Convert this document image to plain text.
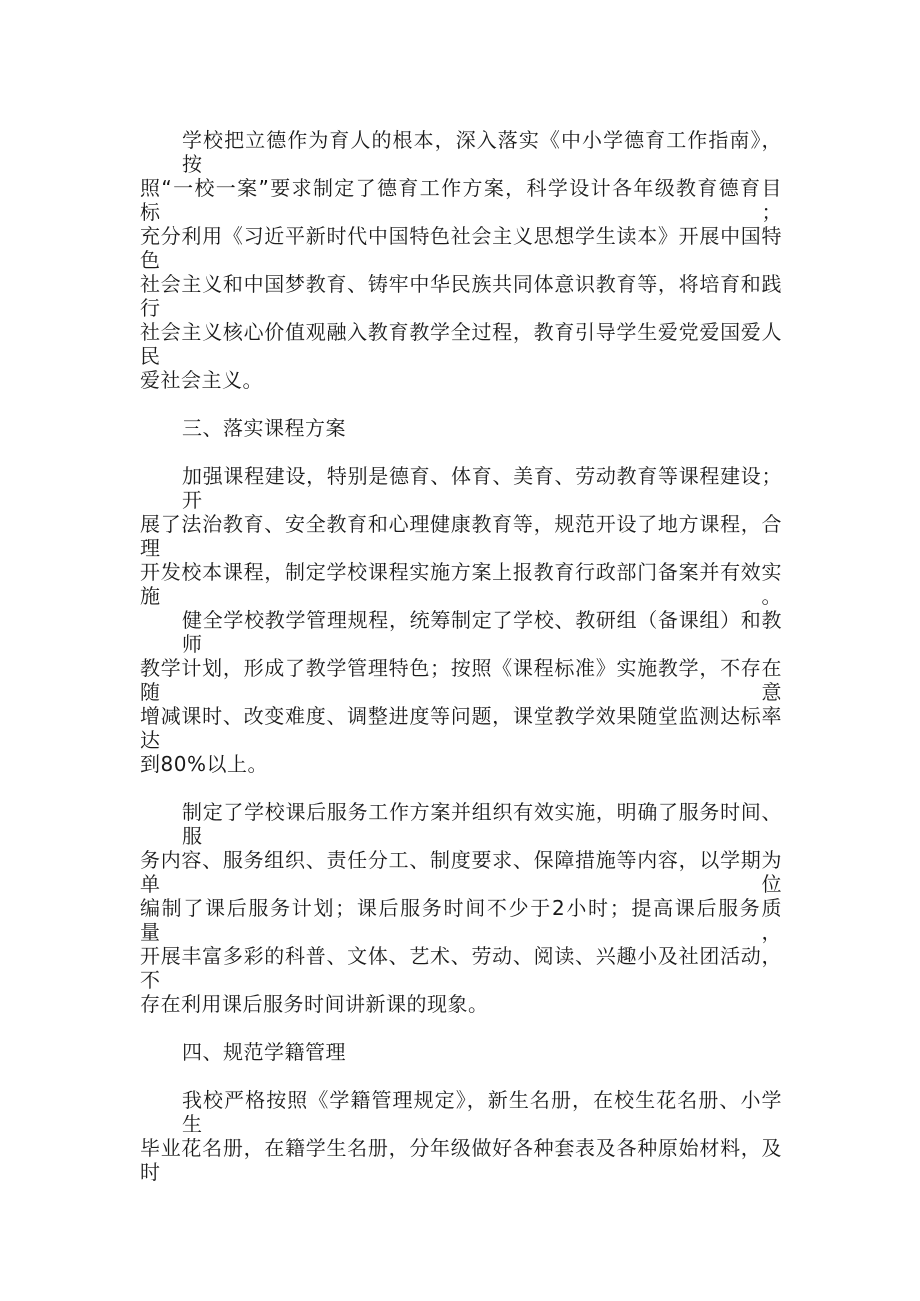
学校把立德作为育人的根本，深入落实《中小学德育工作指南》，按
照“一校一案”要求制定了德育工作方案，科学设计各年级教育德育目标；
充分利用《习近平新时代中国特色社会主义思想学生读本》开展中国特色
社会主义和中国梦教育、铸牢中华民族共同体意识教育等，将培育和践行
社会主义核心价值观融入教育教学全过程，教育引导学生爱党爱国爱人民
爱社会主义。
三、落实课程方案
加强课程建设，特别是德育、体育、美育、劳动教育等课程建设；开
展了法治教育、安全教育和心理健康教育等，规范开设了地方课程，合理
开发校本课程，制定学校课程实施方案上报教育行政部门备案并有效实施。
健全学校教学管理规程，统筹制定了学校、教研组（备课组）和教师
教学计划，形成了教学管理特色；按照《课程标准》实施教学，不存在随意
增减课时、改变难度、调整进度等问题，课堂教学效果随堂监测达标率达
到80%以上。
制定了学校课后服务工作方案并组织有效实施，明确了服务时间、服
务内容、服务组织、责任分工、制度要求、保障措施等内容，以学期为单位
编制了课后服务计划；课后服务时间不少于2小时；提高课后服务质量，
开展丰富多彩的科普、文体、艺术、劳动、阅读、兴趣小及社团活动，不
存在利用课后服务时间讲新课的现象。
四、规范学籍管理
我校严格按照《学籍管理规定》，新生名册，在校生花名册、小学生
毕业花名册，在籍学生名册，分年级做好各种套表及各种原始材料，及时
